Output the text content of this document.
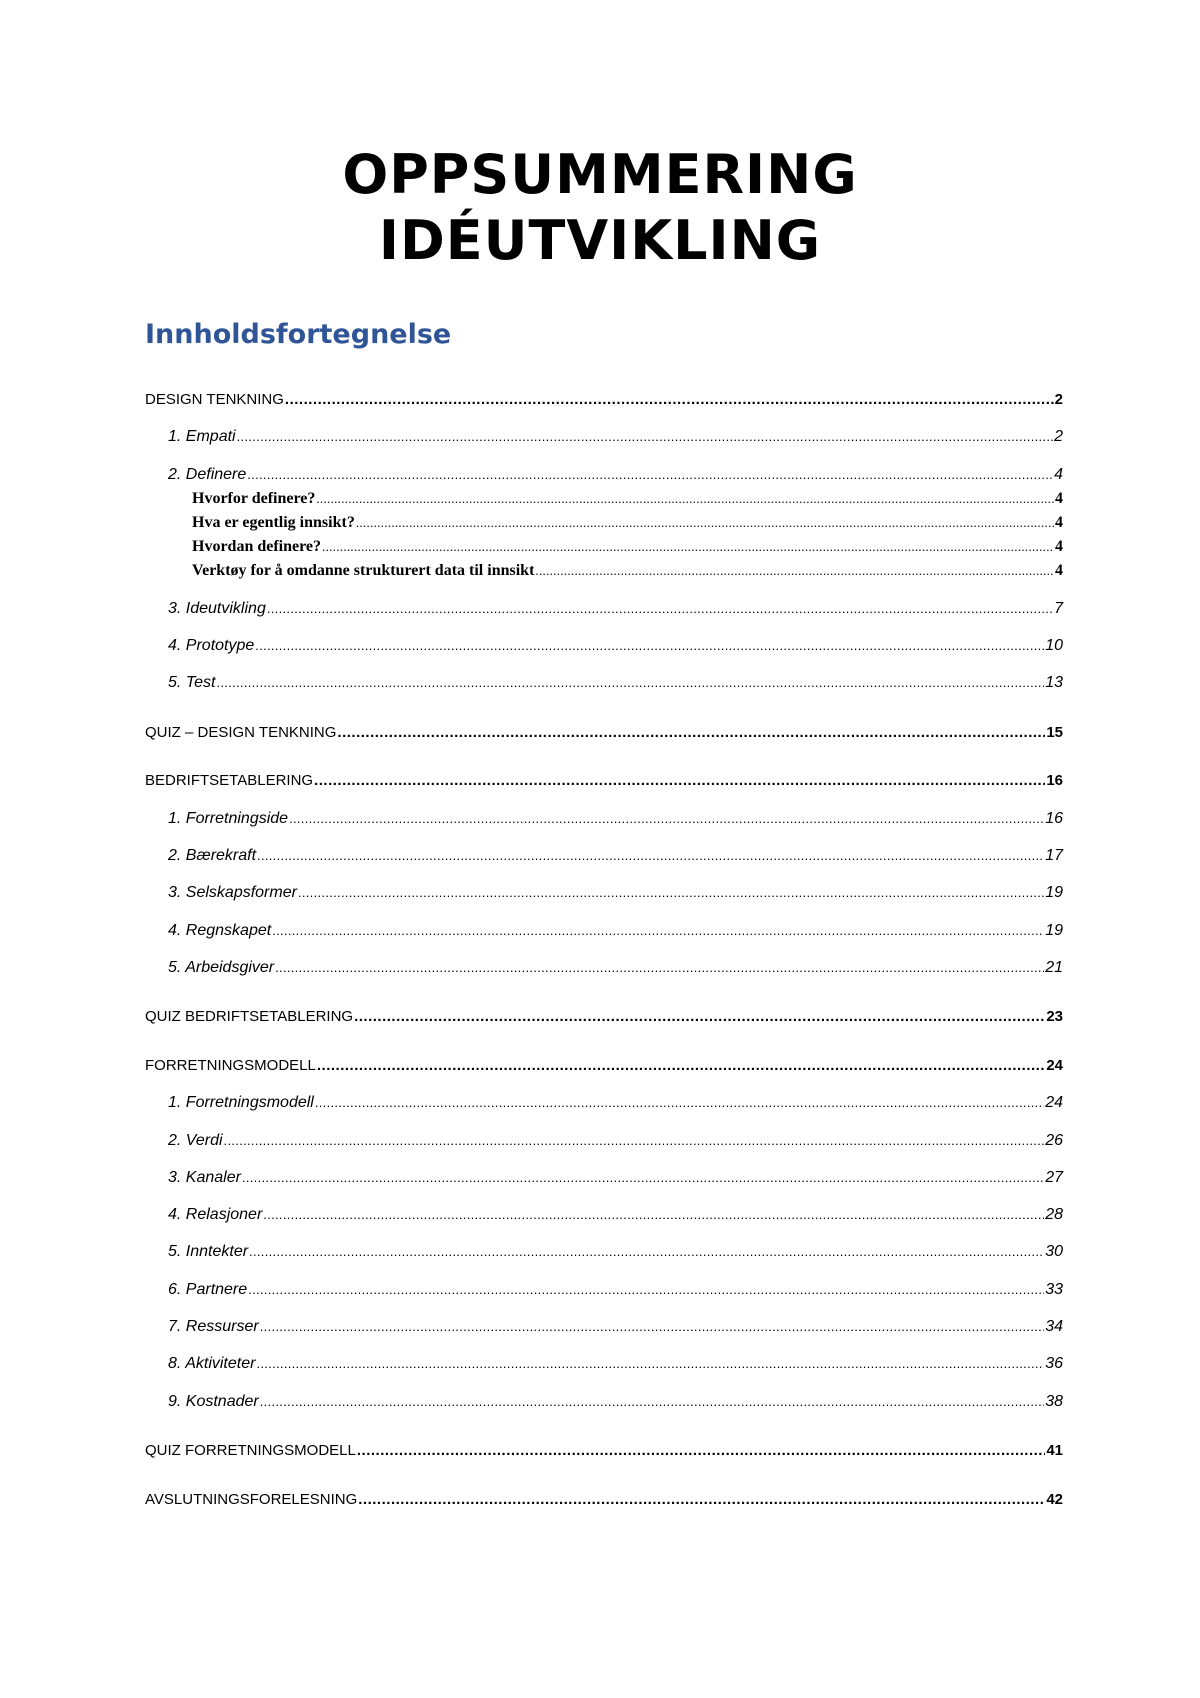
OPPSUMMERING
IDÉUTVIKLING
Innholdsfortegnelse
DESIGN TENKNING .....	2
1. Empati .....	2
2. Definere .....	4
Hvorfor definere? .....	4
Hva er egentlig innsikt? .....	4
Hvordan definere? .....	4
Verktøy for å omdanne strukturert data til innsikt .....	4
3. Ideutvikling .....	7
4. Prototype .....	10
5. Test .....	13
QUIZ – DESIGN TENKNING .....	15
BEDRIFTSETABLERING .....	16
1. Forretningside .....	16
2. Bærekraft .....	17
3. Selskapsformer .....	19
4. Regnskapet .....	19
5. Arbeidsgiver .....	21
QUIZ BEDRIFTSETABLERING .....	23
FORRETNINGSMODELL .....	24
1. Forretningsmodell .....	24
2. Verdi .....	26
3. Kanaler .....	27
4. Relasjoner .....	28
5. Inntekter .....	30
6. Partnere .....	33
7. Ressurser .....	34
8. Aktiviteter .....	36
9. Kostnader .....	38
QUIZ FORRETNINGSMODELL .....	41
AVSLUTNINGSFORELESNING .....	42
